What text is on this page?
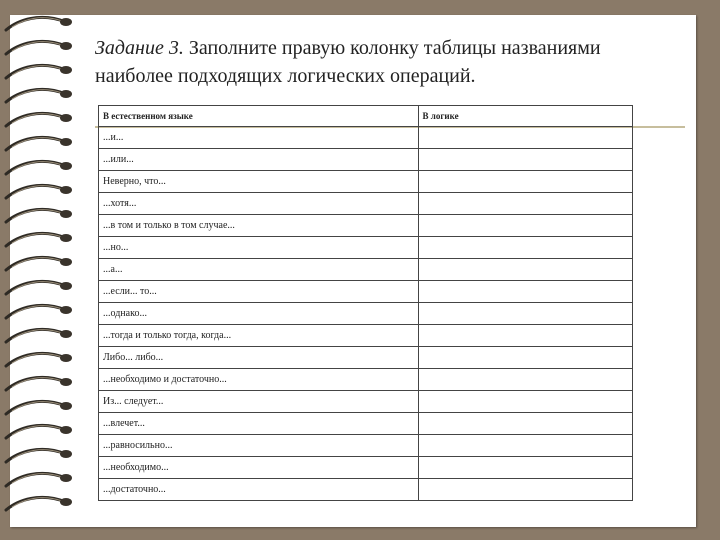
Задание 3. Заполните правую колонку таблицы названиями наиболее подходящих логических операций.
В естественном языке	В логике
...и...	
...или...	
Неверно, что...	
...хотя...	
...в том и только в том случае...	
...но...	
...а...	
...если... то...	
...однако...	
...тогда и только тогда, когда...	
Либо... либо...	
...необходимо и достаточно...	
Из... следует...	
...влечет...	
...равносильно...	
...необходимо...	
...достаточно...	
